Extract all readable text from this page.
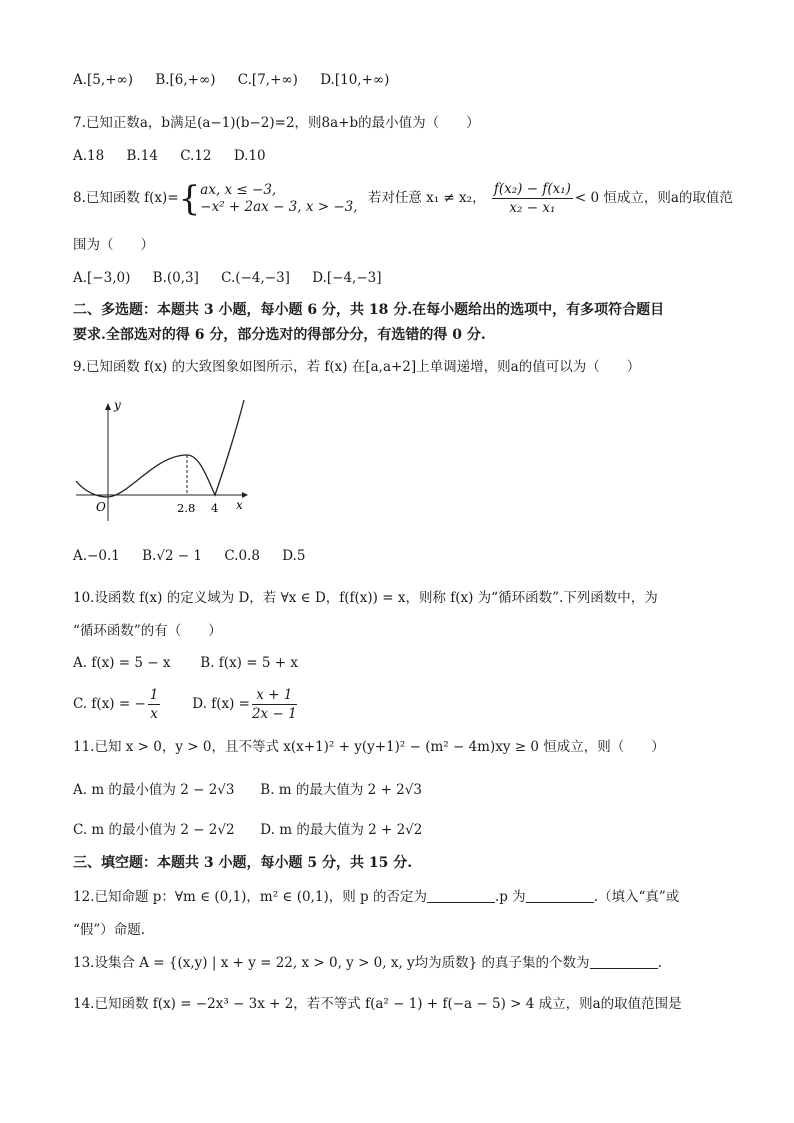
A.[5,+∞) B.[6,+∞) C.[7,+∞) D.[10,+∞)
7.已知正数a，b满足(a−1)(b−2)=2，则8a+b的最小值为（　　）
A.18 B.14 C.12 D.10
8.已知函数 f(x)={ ax, x ≤ −3,
−x² + 2ax − 3, x > −3,
若对任意 x₁ ≠ x₂， $\frac{\text{f(x₂) − f(x₁)}}{\text{x₂ − x₁}} < 0$ 恒成立，则a的取值范
围为（　　）
A.[−3,0) B.(0,3] C.(−4,−3] D.[−4,−3]
二、多选题：本题共 3 小题，每小题 6 分，共 18 分.在每小题给出的选项中，有多项符合题目
要求.全部选对的得 6 分，部分选对的得部分分，有选错的得 0 分.
9.已知函数 f(x) 的大致图象如图所示，若 f(x) 在[a,a+2]上单调递增，则a的值可以为（　　）
y
x
O	2.8 4
A.−0.1 B.√2 − 1 C.0.8 D.5
10.设函数 f(x) 的定义域为 D，若 ∀x ∈ D，f(f(x)) = x，则称 f(x) 为“循环函数”.下列函数中，为
“循环函数”的有（　　）
A. f(x) = 5 − x B. f(x) = 5 + x
C. f(x) = − $\frac{1}{x} D$. $f(x) = \frac{x + 1}{2x - 1}$
11.已知 x > 0，y > 0，且不等式 x(x+1)² + y(y+1)² − (m² − 4m)xy ≥ 0 恒成立，则（　　）
A. m 的最小值为 2 − 2√3 B. m 的最大值为 2 + 2√3
C. m 的最小值为 2 − 2√2 D. m 的最大值为 2 + 2√2
三、填空题：本题共 3 小题，每小题 5 分，共 15 分.
12.已知命题 p：∀m ∈ (0,1)，m² ∈ (0,1)，则 p 的否定为	.p 为	.（填入“真”或
“假”）命题.
13.设集合 A = {(x,y) | x + y = 22, x > 0, y > 0, x, y均为质数} 的真子集的个数为	.
14.已知函数 f(x) = −2x³ − 3x + 2，若不等式 f(a² − 1) + f(−a − 5) > 4 成立，则a的取值范围是
